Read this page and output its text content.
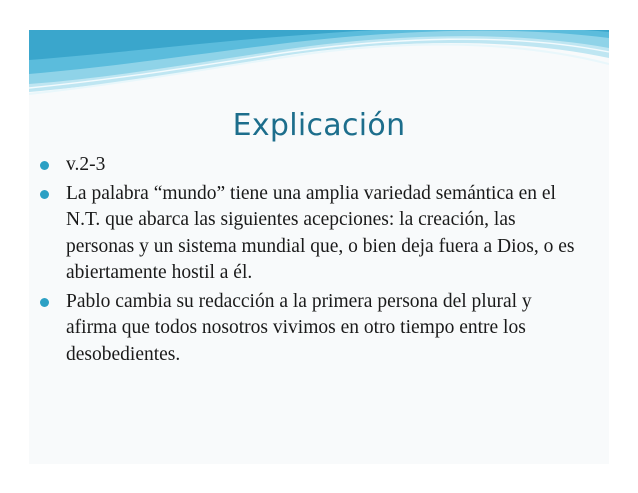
Explicación
v.2-3
La palabra “mundo” tiene una amplia variedad semántica en el N.T. que abarca las siguientes acepciones: la creación, las personas y un sistema mundial que, o bien deja fuera a Dios, o es abiertamente hostil a él.
Pablo cambia su redacción a la primera persona del plural y afirma que todos nosotros vivimos en otro tiempo entre los desobedientes.
